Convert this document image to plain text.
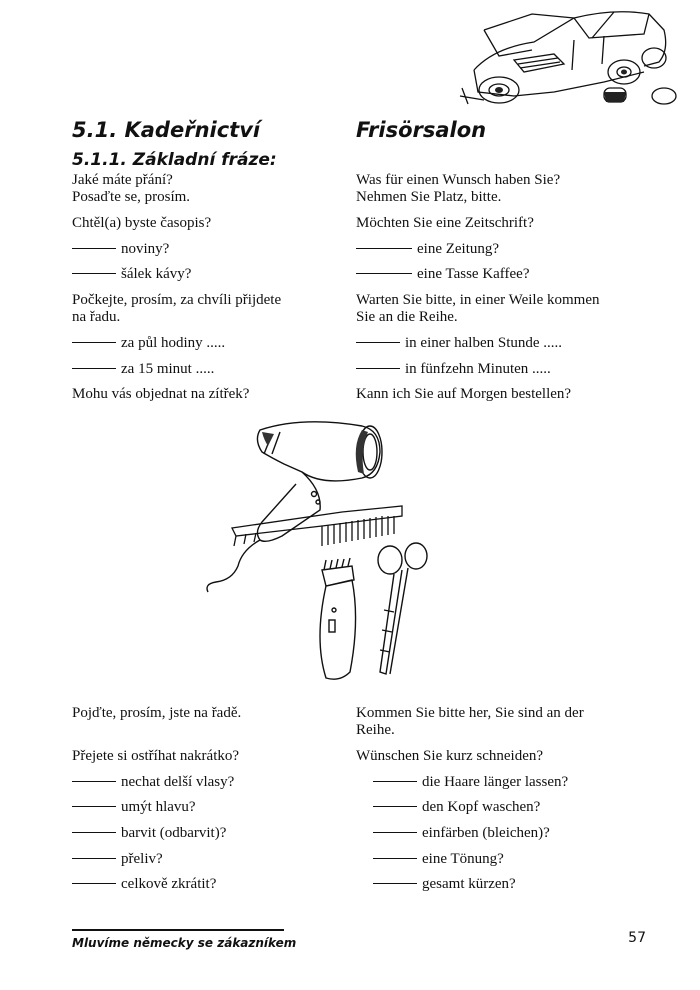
5.1. Kadeřnictví	Frisörsalon
5.1.1. Základní fráze:
Jaké máte přání?
Posaďte se, prosím.
Chtěl(a) byste časopis?
noviny?
šálek kávy?
Počkejte, prosím, za chvíli přijdete
na řadu.
za půl hodiny .....
za 15 minut .....
Mohu vás objednat na zítřek?
Was für einen Wunsch haben Sie?
Nehmen Sie Platz, bitte.
Möchten Sie eine Zeitschrift?
eine Zeitung?
eine Tasse Kaffee?
Warten Sie bitte, in einer Weile kommen
Sie an die Reihe.
in einer halben Stunde .....
in fünfzehn Minuten .....
Kann ich Sie auf Morgen bestellen?
Pojďte, prosím, jste na řadě.
Přejete si ostříhat nakrátko?
nechat delší vlasy?
umýt hlavu?
barvit (odbarvit)?
přeliv?
celkově zkrátit?
Kommen Sie bitte her, Sie sind an der
Reihe.
Wünschen Sie kurz schneiden?
die Haare länger lassen?
den Kopf waschen?
einfärben (bleichen)?
eine Tönung?
gesamt kürzen?
Mluvíme německy se zákazníkem	57
